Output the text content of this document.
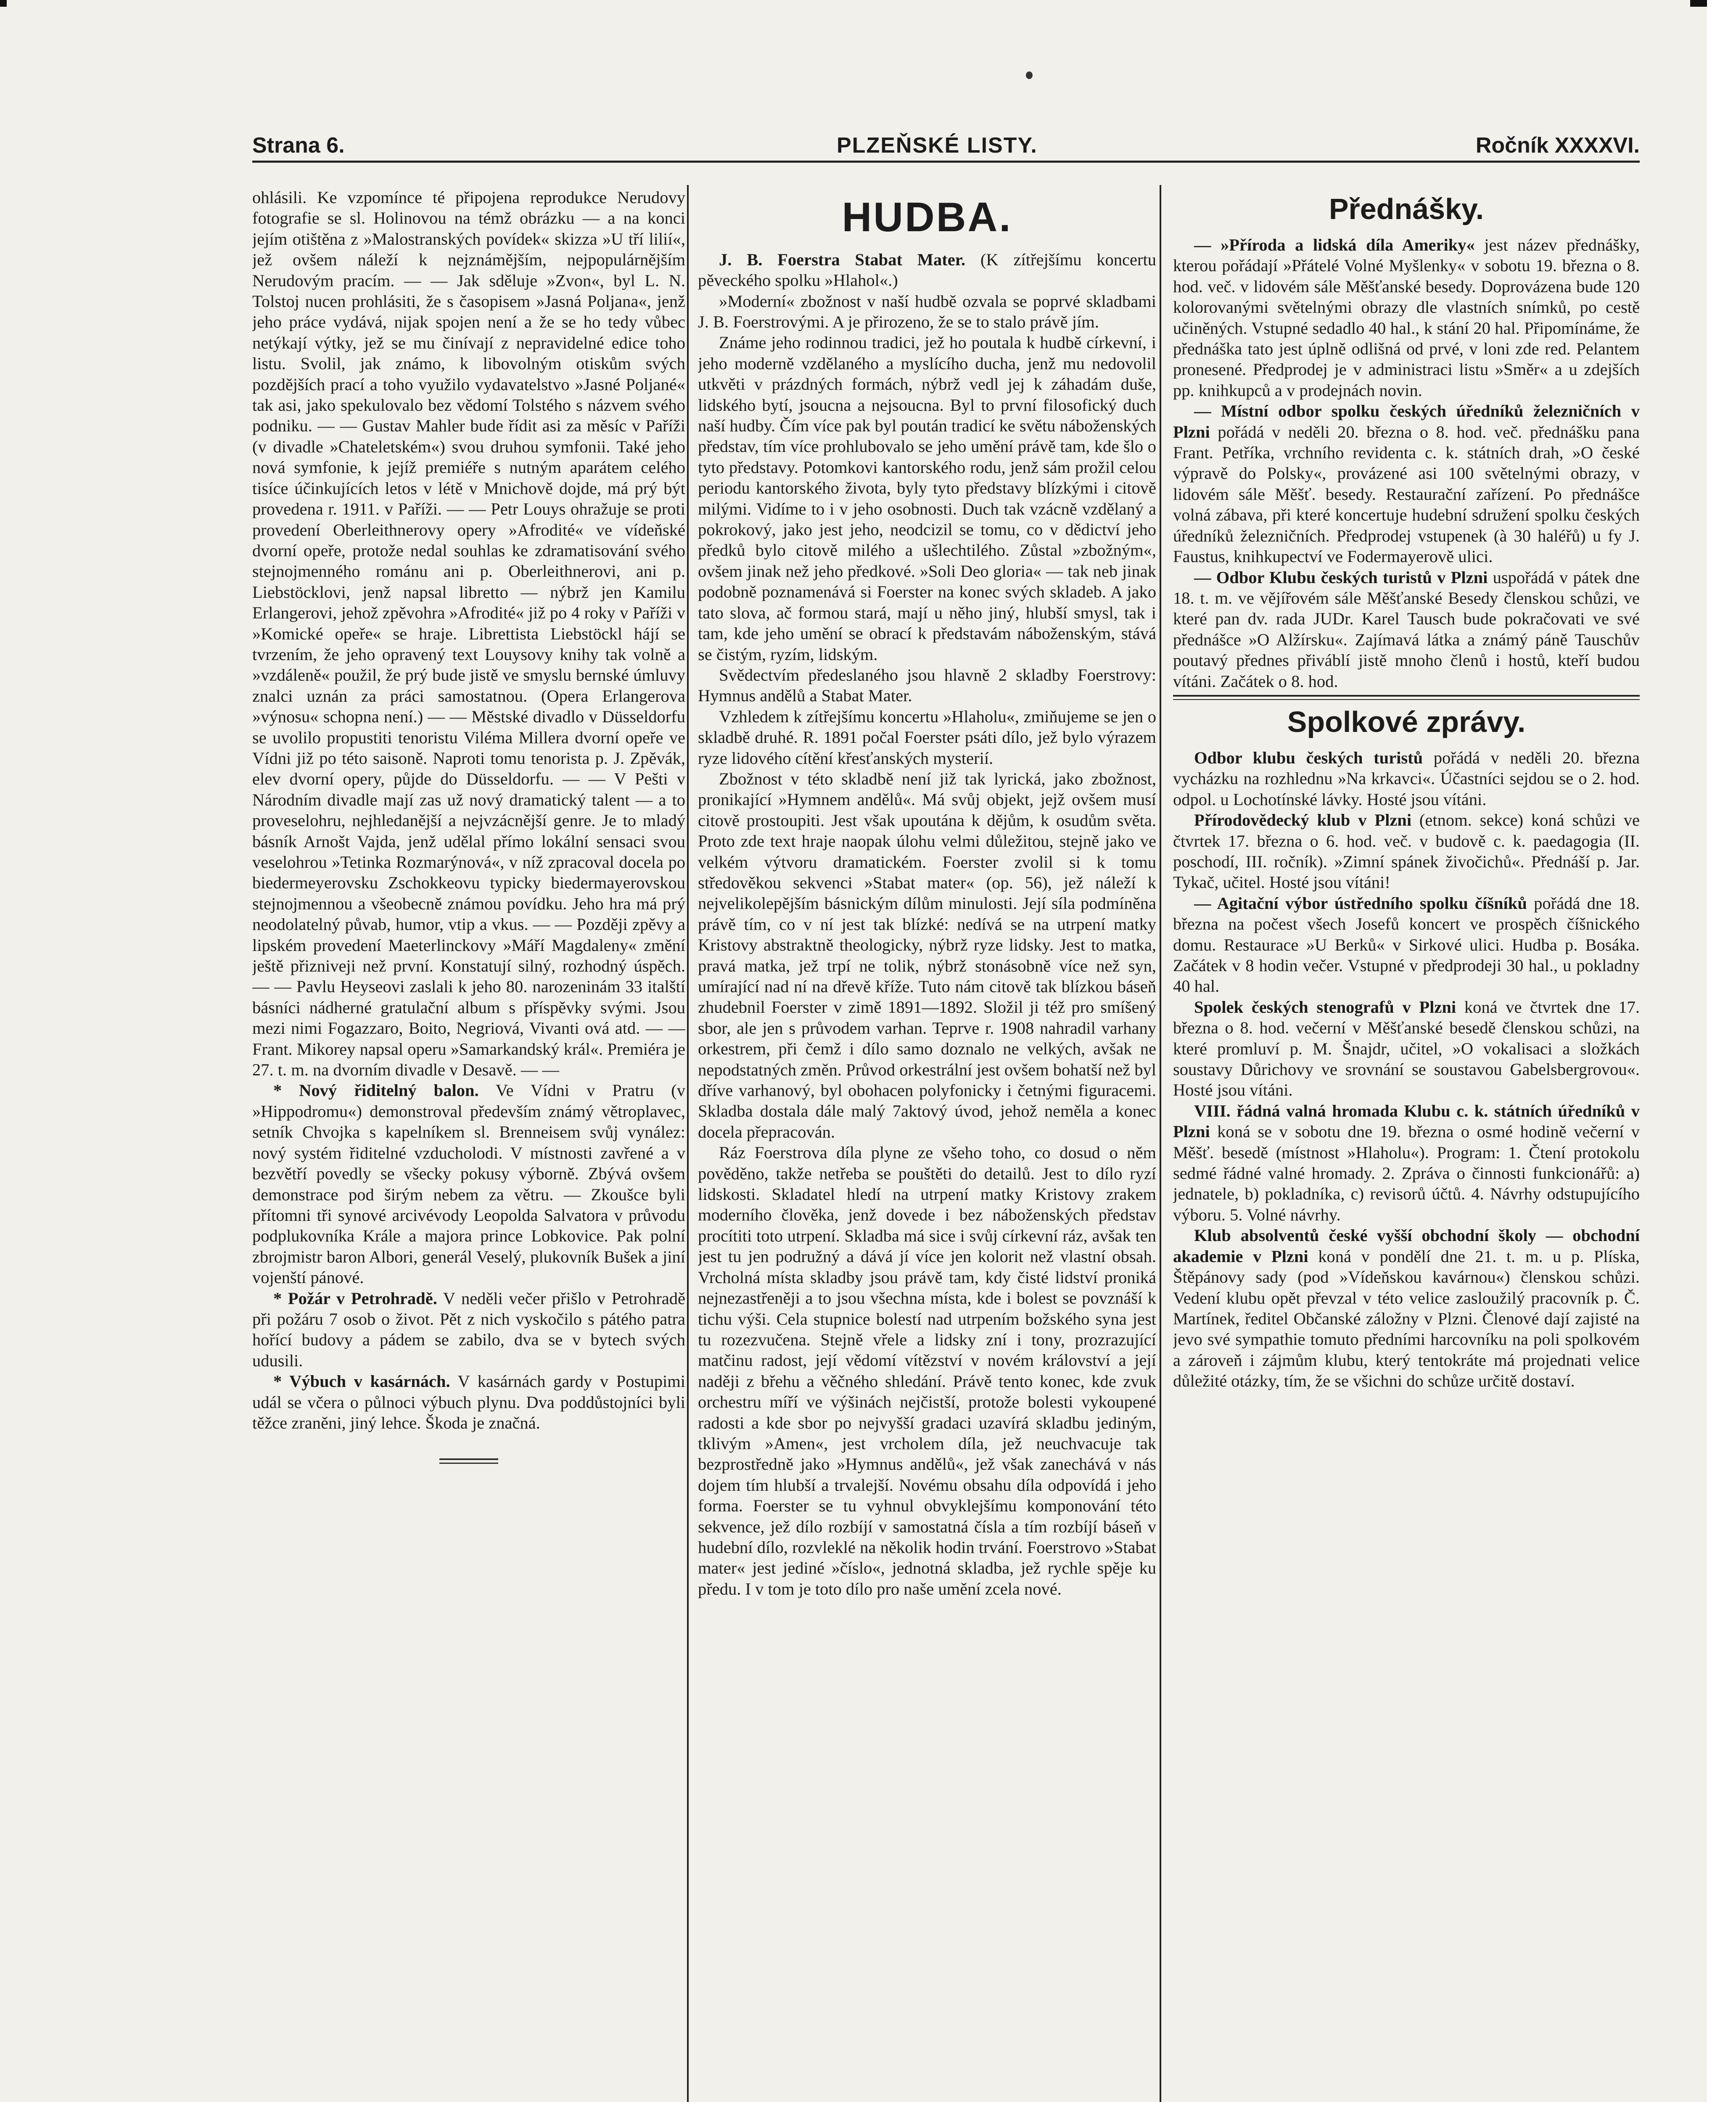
Strana 6.	PLZEŇSKÉ LISTY.	Ročník XXXXVI.

ohlásili. Ke vzpomínce té připojena reprodukce Nerudovy fotografie se sl. Holinovou na témž obrázku — a na konci jejím otištěna z »Malostranských povídek« skizza »U tří lilií«, jež ovšem náleží k nejznámějším, nejpopulárnějším Nerudovým pracím. — — Jak sděluje »Zvon«, byl L. N. Tolstoj nucen prohlásiti, že s časopisem »Jasná Poljana«, jenž jeho práce vydává, nijak spojen není a že se ho tedy vůbec netýkají výtky, jež se mu činívají z nepravidelné edice toho listu. Svolil, jak známo, k libovolným otiskům svých pozdějších prací a toho využilo vydavatelstvo »Jasné Poljané« tak asi, jako spekulovalo bez vědomí Tolstého s názvem svého podniku. — — Gustav Mahler bude řídit asi za měsíc v Paříži (v divadle »Chateletském«) svou druhou symfonii. Také jeho nová symfonie, k jejíž premiéře s nutným aparátem celého tisíce účinkujících letos v létě v Mnichově dojde, má prý být provedena r. 1911. v Paříži. — — Petr Louys ohražuje se proti provedení Oberleithnerovy opery »Afrodité« ve vídeňské dvorní opeře, protože nedal souhlas ke zdramatisování svého stejnojmenného románu ani p. Oberleithnerovi, ani p. Liebstöcklovi, jenž napsal libretto — nýbrž jen Kamilu Erlangerovi, jehož zpěvohra »Afrodité« již po 4 roky v Paříži v »Komické opeře« se hraje. Librettista Liebstöckl hájí se tvrzením, že jeho opravený text Louysovy knihy tak volně a »vzdáleně« použil, že prý bude jistě ve smyslu bernské úmluvy znalci uznán za práci samostatnou. (Opera Erlangerova »výnosu« schopna není.) — — Městské divadlo v Düsseldorfu se uvolilo propustiti tenoristu Viléma Millera dvorní opeře ve Vídni již po této saisoně. Naproti tomu tenorista p. J. Zpěvák, elev dvorní opery, půjde do Düsseldorfu. — — V Pešti v Národním divadle mají zas už nový dramatický talent — a to proveselohru, nejhledanější a nejvzácnější genre. Je to mladý básník Arnošt Vajda, jenž udělal přímo lokální sensaci svou veselohrou »Tetinka Rozmarýnová«, v níž zpracoval docela po biedermeyerovsku Zschokkeovu typicky biedermayerovskou stejnojmennou a všeobecně známou povídku. Jeho hra má prý neodolatelný půvab, humor, vtip a vkus. — — Později zpěvy a lipském provedení Maeterlinckovy »Máří Magdaleny« změní ještě přizniveji než první. Konstatují silný, rozhodný úspěch. — — Pavlu Heyseovi zaslali k jeho 80. narozeninám 33 italští básníci nádherné gratulační album s příspěvky svými. Jsou mezi nimi Fogazzaro, Boito, Negriová, Vivanti ová atd. — — Frant. Mikorey napsal operu »Samarkandský král«. Premiéra je 27. t. m. na dvorním divadle v Desavě. — —

* Nový řiditelný balon. Ve Vídni v Pratru (v »Hippodromu«) demonstroval především známý větroplavec, setník Chvojka s kapelníkem sl. Brenneisem svůj vynález: nový systém řiditelné vzducholodi. V místnosti zavřené a v bezvětří povedly se všecky pokusy výborně. Zbývá ovšem demonstrace pod širým nebem za větru. — Zkoušce byli přítomni tři synové arcivévody Leopolda Salvatora v průvodu podplukovníka Krále a majora prince Lobkovice. Pak polní zbrojmistr baron Albori, generál Veselý, plukovník Bušek a jiní vojenští pánové.

* Požár v Petrohradě. V neděli večer přišlo v Petrohradě při požáru 7 osob o život. Pět z nich vyskočilo s pátého patra hořící budovy a pádem se zabilo, dva se v bytech svých udusili.

* Výbuch v kasárnách. V kasárnách gardy v Postupimi udál se včera o půlnoci výbuch plynu. Dva poddůstojníci byli těžce zraněni, jiný lehce. Škoda je značná.

HUDBA.

J. B. Foerstra Stabat Mater. (K zítřejšímu koncertu pěveckého spolku »Hlahol«.)

»Moderní« zbožnost v naší hudbě ozvala se poprvé skladbami J. B. Foerstrovými. A je přirozeno, že se to stalo právě jím.

Známe jeho rodinnou tradici, jež ho poutala k hudbě církevní, i jeho moderně vzdělaného a myslícího ducha, jenž mu nedovolil utkvěti v prázdných formách, nýbrž vedl jej k záhadám duše, lidského bytí, jsoucna a nejsoucna. Byl to první filosofický duch naší hudby. Čím více pak byl poután tradicí ke světu náboženských představ, tím více prohlubovalo se jeho umění právě tam, kde šlo o tyto představy. Potomkovi kantorského rodu, jenž sám prožil celou periodu kantorského života, byly tyto představy blízkými i citově milými. Vidíme to i v jeho osobnosti. Duch tak vzácně vzdělaný a pokrokový, jako jest jeho, neodcizil se tomu, co v dědictví jeho předků bylo citově milého a ušlechtilého. Zůstal »zbožným«, ovšem jinak než jeho předkové. »Soli Deo gloria« — tak neb jinak podobně poznamenává si Foerster na konec svých skladeb. A jako tato slova, ač formou stará, mají u něho jiný, hlubší smysl, tak i tam, kde jeho umění se obrací k představám náboženským, stává se čistým, ryzím, lidským.

Svědectvím předeslaného jsou hlavně 2 skladby Foerstrovy: Hymnus andělů a Stabat Mater.

Vzhledem k zítřejšímu koncertu »Hlaholu«, zmiňujeme se jen o skladbě druhé. R. 1891 počal Foerster psáti dílo, jež bylo výrazem ryze lidového cítění křesťanských mysterií.

Zbožnost v této skladbě není již tak lyrická, jako zbožnost, pronikající »Hymnem andělů«. Má svůj objekt, jejž ovšem musí citově prostoupiti. Jest však upoutána k dějům, k osudům světa. Proto zde text hraje naopak úlohu velmi důležitou, stejně jako ve velkém výtvoru dramatickém. Foerster zvolil si k tomu středověkou sekvenci »Stabat mater« (op. 56), jež náleží k nejvelikolepějším básnickým dílům minulosti. Její síla podmíněna právě tím, co v ní jest tak blízké: nedívá se na utrpení matky Kristovy abstraktně theologicky, nýbrž ryze lidsky. Jest to matka, pravá matka, jež trpí ne tolik, nýbrž stonásobně více než syn, umírající nad ní na dřevě kříže. Tuto nám citově tak blízkou báseň zhudebnil Foerster v zimě 1891—1892. Složil ji též pro smíšený sbor, ale jen s průvodem varhan. Teprve r. 1908 nahradil varhany orkestrem, při čemž i dílo samo doznalo ne velkých, avšak ne nepodstatných změn. Průvod orkestrální jest ovšem bohatší než byl dříve varhanový, byl obohacen polyfonicky i četnými figuracemi. Skladba dostala dále malý 7aktový úvod, jehož neměla a konec docela přepracován.

Ráz Foerstrova díla plyne ze všeho toho, co dosud o něm pověděno, takže netřeba se pouštěti do detailů. Jest to dílo ryzí lidskosti. Skladatel hledí na utrpení matky Kristovy zrakem moderního člověka, jenž dovede i bez náboženských představ procítiti toto utrpení. Skladba má sice i svůj církevní ráz, avšak ten jest tu jen podružný a dává jí více jen kolorit než vlastní obsah. Vrcholná místa skladby jsou právě tam, kdy čisté lidství proniká nejnezastřeněji a to jsou všechna místa, kde i bolest se povznáší k tichu výši. Cela stupnice bolestí nad utrpením božského syna jest tu rozezvučena. Stejně vřele a lidsky zní i tony, prozrazující matčinu radost, její vědomí vítězství v novém království a její naději z břehu a věčného shledání. Právě tento konec, kde zvuk orchestru míří ve výšinách nejčistší, protože bolesti vykoupené radosti a kde sbor po nejvyšší gradaci uzavírá skladbu jediným, tklivým »Amen«, jest vrcholem díla, jež neuchvacuje tak bezprostředně jako »Hymnus andělů«, jež však zanechává v nás dojem tím hlubší a trvalejší. Novému obsahu díla odpovídá i jeho forma. Foerster se tu vyhnul obvyklejšímu komponování této sekvence, jež dílo rozbíjí v samostatná čísla a tím rozbíjí báseň v hudební dílo, rozvleklé na několik hodin trvání. Foerstrovo »Stabat mater« jest jediné »číslo«, jednotná skladba, jež rychle spěje ku předu. I v tom je toto dílo pro naše umění zcela nové.

Přednášky.

— »Příroda a lidská díla Ameriky« jest název přednášky, kterou pořádají »Přátelé Volné Myšlenky« v sobotu 19. března o 8. hod. več. v lidovém sále Měšťanské besedy. Doprovázena bude 120 kolorovanými světelnými obrazy dle vlastních snímků, po cestě učiněných. Vstupné sedadlo 40 hal., k stání 20 hal. Připomínáme, že přednáška tato jest úplně odlišná od prvé, v loni zde red. Pelantem pronesené. Předprodej je v administraci listu »Směr« a u zdejších pp. knihkupců a v prodejnách novin.

— Místní odbor spolku českých úředníků železničních v Plzni pořádá v neděli 20. března o 8. hod. več. přednášku pana Frant. Petříka, vrchního revidenta c. k. státních drah, »O české výpravě do Polsky«, provázené asi 100 světelnými obrazy, v lidovém sále Měšť. besedy. Restaurační zařízení. Po přednášce volná zábava, při které koncertuje hudební sdružení spolku českých úředníků železničních. Předprodej vstupenek (à 30 haléřů) u fy J. Faustus, knihkupectví ve Fodermayerově ulici.

— Odbor Klubu českých turistů v Plzni uspořádá v pátek dne 18. t. m. ve vějířovém sále Měšťanské Besedy členskou schůzi, ve které pan dv. rada JUDr. Karel Tausch bude pokračovati ve své přednášce »O Alžírsku«. Zajímavá látka a známý páně Tauschův poutavý přednes přiváblí jistě mnoho členů i hostů, kteří budou vítáni. Začátek o 8. hod.

Spolkové zprávy.

Odbor klubu českých turistů pořádá v neděli 20. března vycházku na rozhlednu »Na krkavci«. Účastníci sejdou se o 2. hod. odpol. u Lochotínské lávky. Hosté jsou vítáni.

Přírodovědecký klub v Plzni (etnom. sekce) koná schůzi ve čtvrtek 17. března o 6. hod. več. v budově c. k. paedagogia (II. poschodí, III. ročník). »Zimní spánek živočichů«. Přednáší p. Jar. Tykač, učitel. Hosté jsou vítáni!

— Agitační výbor ústředního spolku číšníků pořádá dne 18. března na počest všech Josefů koncert ve prospěch číšnického domu. Restaurace »U Berků« v Sirkové ulici. Hudba p. Bosáka. Začátek v 8 hodin večer. Vstupné v předprodeji 30 hal., u pokladny 40 hal.

Spolek českých stenografů v Plzni koná ve čtvrtek dne 17. března o 8. hod. večerní v Měšťanské besedě členskou schůzi, na které promluví p. M. Šnajdr, učitel, »O vokalisaci a složkách soustavy Důrichovy ve srovnání se soustavou Gabelsbergrovou«. Hosté jsou vítáni.

VIII. řádná valná hromada Klubu c. k. státních úředníků v Plzni koná se v sobotu dne 19. března o osmé hodině večerní v Měšť. besedě (místnost »Hlaholu«). Program: 1. Čtení protokolu sedmé řádné valné hromady. 2. Zpráva o činnosti funkcionářů: a) jednatele, b) pokladníka, c) revisorů účtů. 4. Návrhy odstupujícího výboru. 5. Volné návrhy.

Klub absolventů české vyšší obchodní školy — obchodní akademie v Plzni koná v pondělí dne 21. t. m. u p. Plíska, Štěpánovy sady (pod »Vídeňskou kavárnou«) členskou schůzi. Vedení klubu opět převzal v této velice zasloužilý pracovník p. Č. Martínek, ředitel Občanské záložny v Plzni. Členové dají zajisté na jevo své sympathie tomuto předními harcovníku na poli spolkovém a zároveň i zájmům klubu, který tentokráte má projednati velice důležité otázky, tím, že se všichni do schůze určitě dostaví.
